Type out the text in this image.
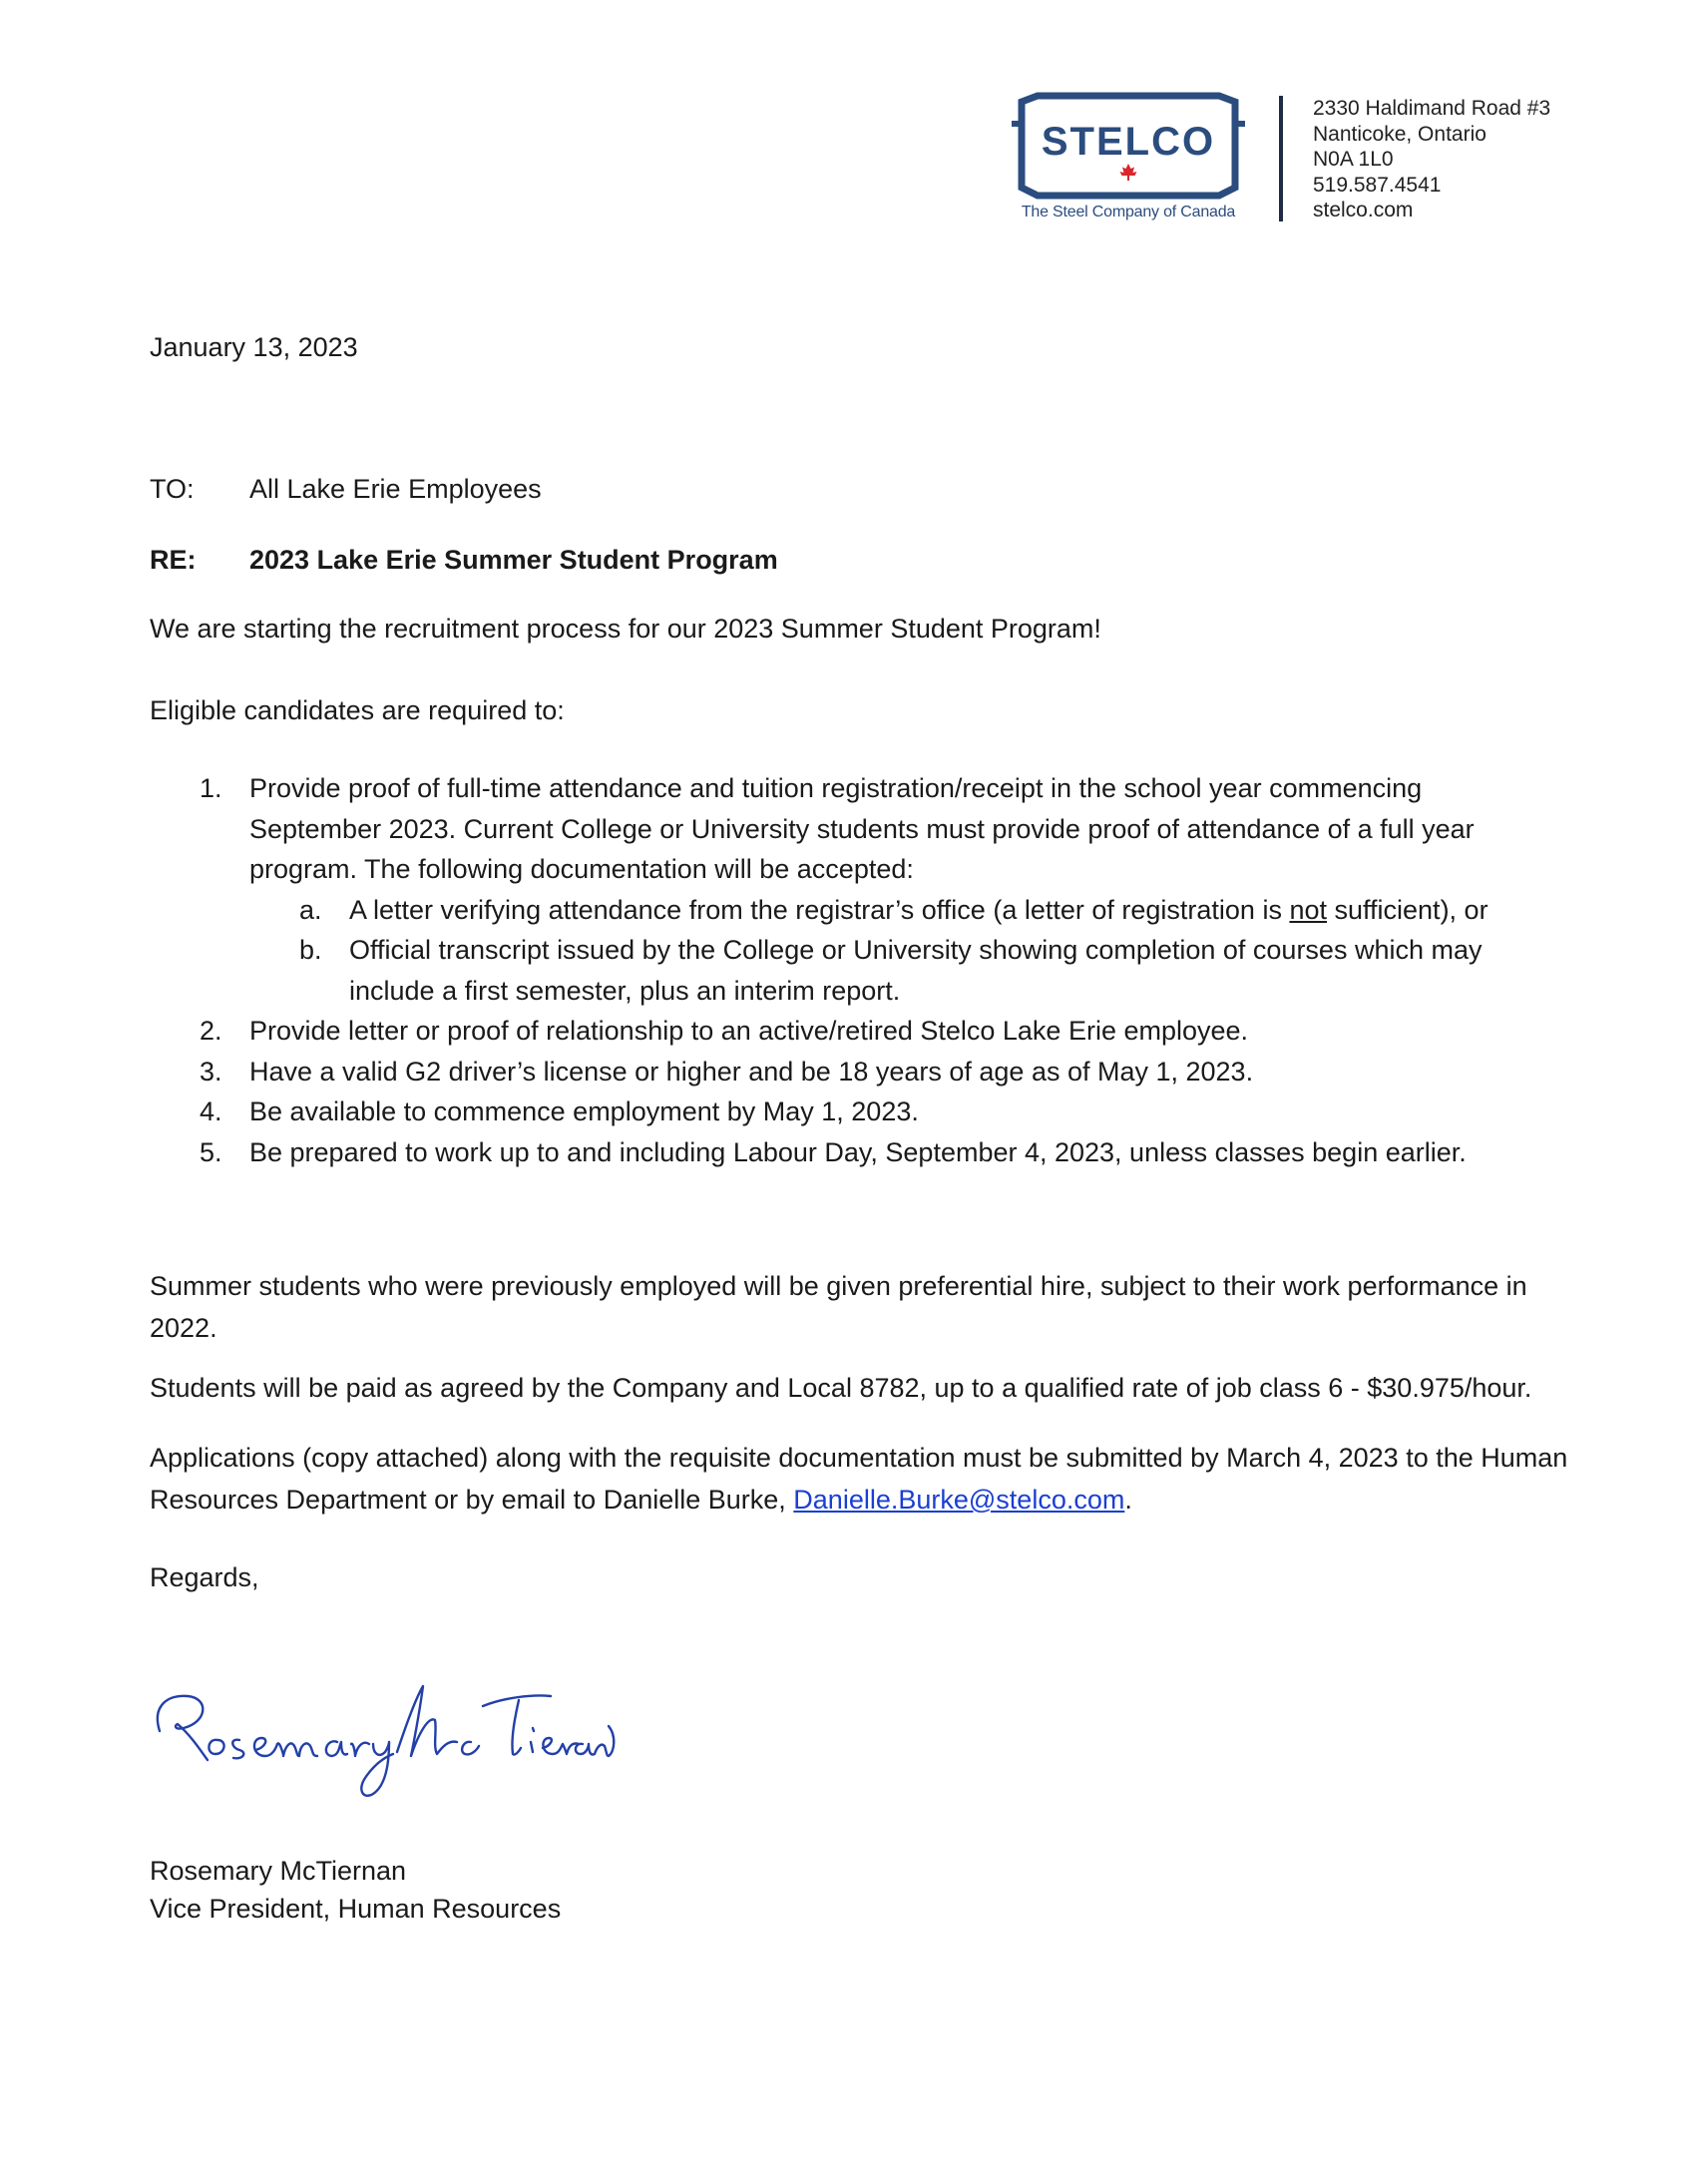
STELCO
The Steel Company of Canada
2330 Haldimand Road #3
Nanticoke, Ontario
N0A 1L0
519.587.4541
stelco.com
January 13, 2023
TO: All Lake Erie Employees
RE: 2023 Lake Erie Summer Student Program
We are starting the recruitment process for our 2023 Summer Student Program!
Eligible candidates are required to:
1. Provide proof of full-time attendance and tuition registration/receipt in the school year commencing September 2023. Current College or University students must provide proof of attendance of a full year program. The following documentation will be accepted:
a. A letter verifying attendance from the registrar’s office (a letter of registration is not sufficient), or
b. Official transcript issued by the College or University showing completion of courses which may include a first semester, plus an interim report.
2. Provide letter or proof of relationship to an active/retired Stelco Lake Erie employee.
3. Have a valid G2 driver’s license or higher and be 18 years of age as of May 1, 2023.
4. Be available to commence employment by May 1, 2023.
5. Be prepared to work up to and including Labour Day, September 4, 2023, unless classes begin earlier.
Summer students who were previously employed will be given preferential hire, subject to their work performance in 2022.
Students will be paid as agreed by the Company and Local 8782, up to a qualified rate of job class 6 - $30.975/hour.
Applications (copy attached) along with the requisite documentation must be submitted by March 4, 2023 to the Human Resources Department or by email to Danielle Burke, Danielle.Burke@stelco.com.
Regards,
Rosemary McTiernan
Vice President, Human Resources
